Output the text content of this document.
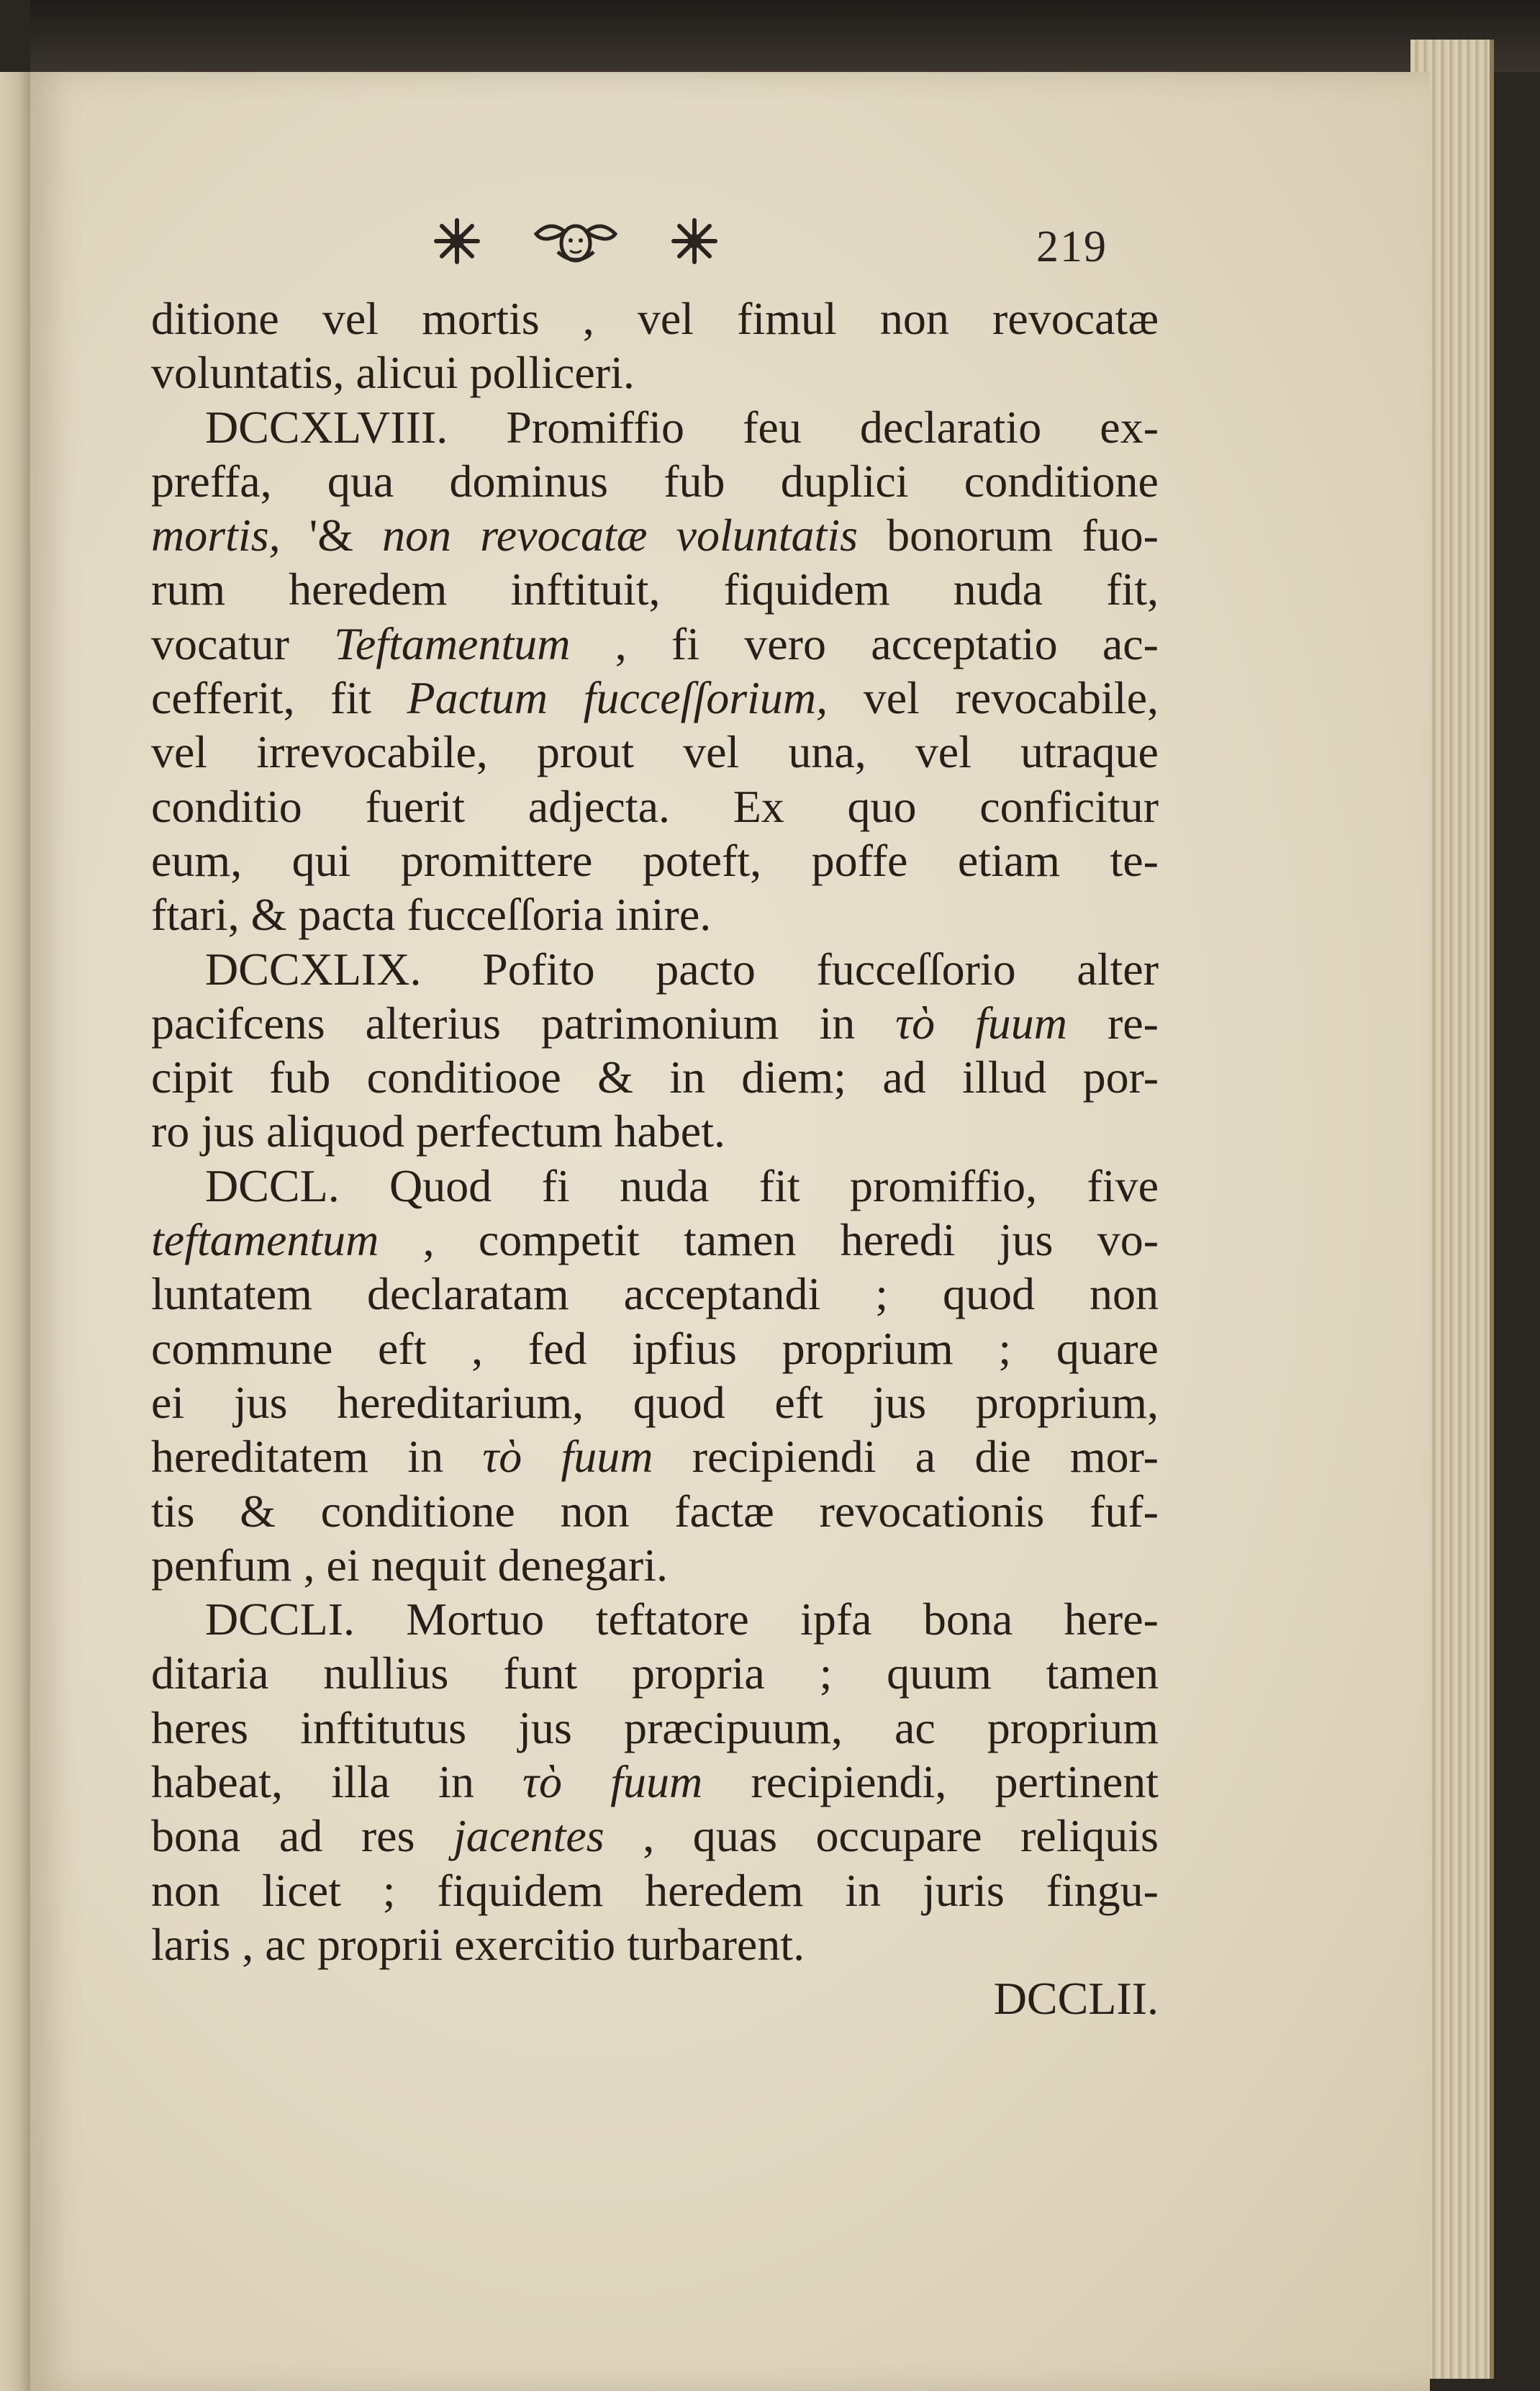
219
ditione vel mortis , vel fimul non revocatæ
voluntatis, alicui polliceri.
DCCXLVIII. Promiffio feu declaratio ex-
preffa, qua dominus fub duplici conditione
mortis, '& non revocatæ voluntatis bonorum fuo-
rum heredem inftituit, fiquidem nuda fit,
vocatur Teftamentum , fi vero acceptatio ac-
cefferit, fit Pactum fucceſſorium, vel revocabile,
vel irrevocabile, prout vel una, vel utraque
conditio fuerit adjecta. Ex quo conficitur
eum, qui promittere poteft, poffe etiam te-
ftari, & pacta fucceſſoria inire.
DCCXLIX. Pofito pacto fucceſſorio alter
pacifcens alterius patrimonium in τὸ fuum re-
cipit fub conditiooe & in diem; ad illud por-
ro jus aliquod perfectum habet.
DCCL. Quod fi nuda fit promiffio, five
teftamentum , competit tamen heredi jus vo-
luntatem declaratam acceptandi ; quod non
commune eft , fed ipfius proprium ; quare
ei jus hereditarium, quod eft jus proprium,
hereditatem in τὸ fuum recipiendi a die mor-
tis & conditione non factæ revocationis fuf-
penfum , ei nequit denegari.
DCCLI. Mortuo teftatore ipfa bona here-
ditaria nullius funt propria ; quum tamen
heres inftitutus jus præcipuum, ac proprium
habeat, illa in τὸ fuum recipiendi, pertinent
bona ad res jacentes , quas occupare reliquis
non licet ; fiquidem heredem in juris fingu-
laris , ac proprii exercitio turbarent.
DCCLII.
